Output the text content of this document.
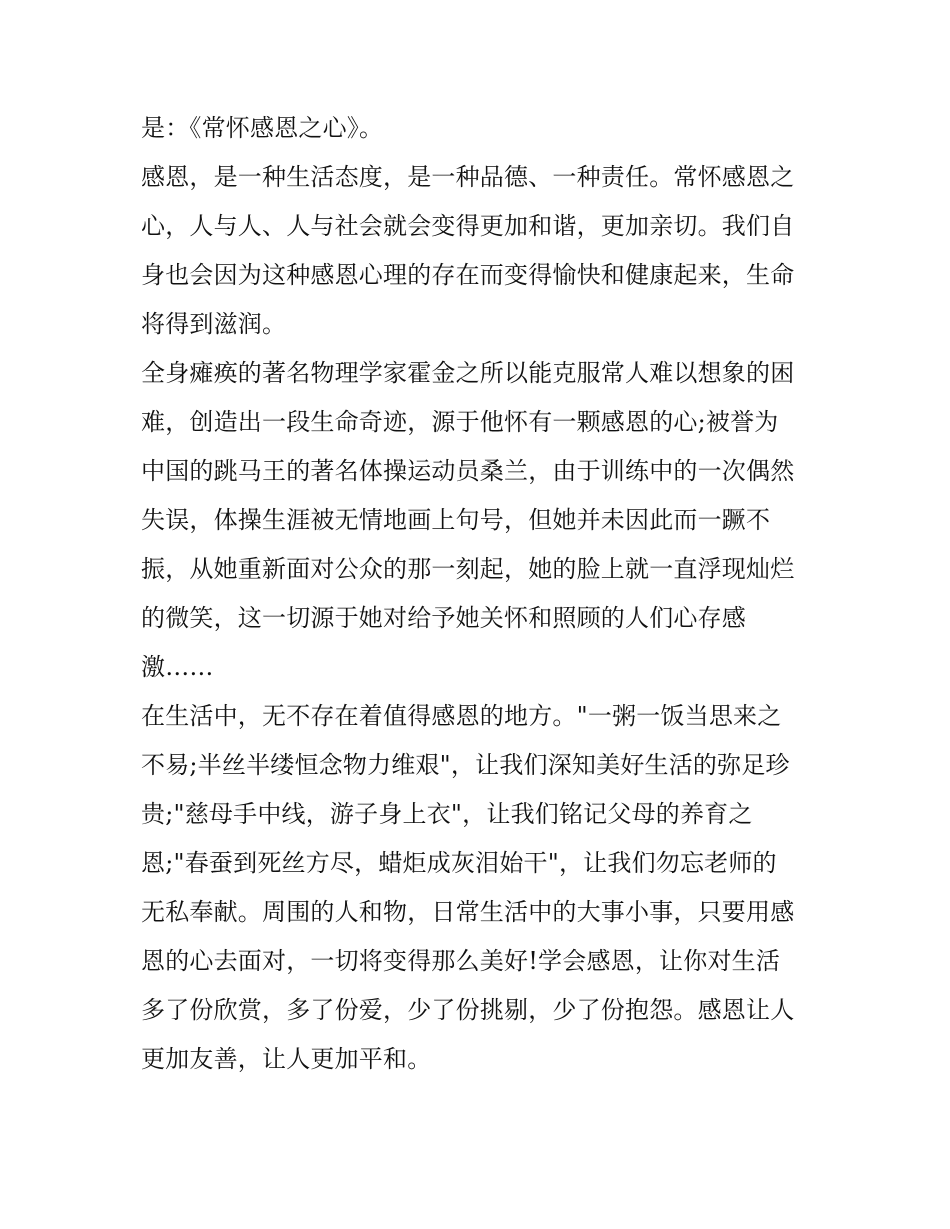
是：《常怀感恩之心》。

感恩，是一种生活态度，是一种品德、一种责任。常怀感恩之
心，人与人、人与社会就会变得更加和谐，更加亲切。我们自
身也会因为这种感恩心理的存在而变得愉快和健康起来，生命
将得到滋润。

全身瘫痪的著名物理学家霍金之所以能克服常人难以想象的困
难，创造出一段生命奇迹，源于他怀有一颗感恩的心;被誉为
中国的跳马王的著名体操运动员桑兰，由于训练中的一次偶然
失误，体操生涯被无情地画上句号，但她并未因此而一蹶不
振，从她重新面对公众的那一刻起，她的脸上就一直浮现灿烂
的微笑，这一切源于她对给予她关怀和照顾的人们心存感
激……

在生活中，无不存在着值得感恩的地方。"一粥一饭当思来之
不易;半丝半缕恒念物力维艰"，让我们深知美好生活的弥足珍
贵;"慈母手中线，游子身上衣"，让我们铭记父母的养育之
恩;"春蚕到死丝方尽，蜡炬成灰泪始干"，让我们勿忘老师的
无私奉献。周围的人和物，日常生活中的大事小事，只要用感
恩的心去面对，一切将变得那么美好!学会感恩，让你对生活
多了份欣赏，多了份爱，少了份挑剔，少了份抱怨。感恩让人
更加友善，让人更加平和。
